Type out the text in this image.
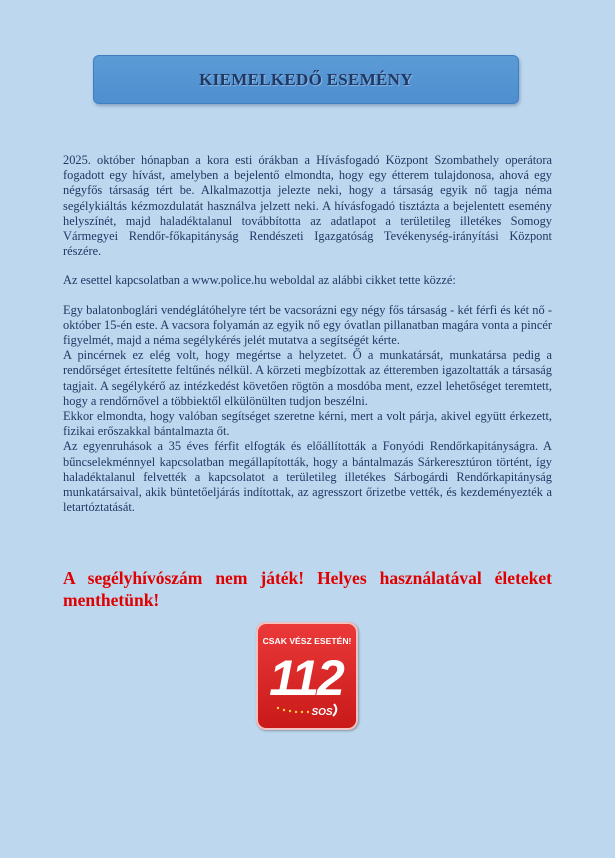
KIEMELKEDŐ ESEMÉNY

2025. október hónapban a kora esti órákban a Hívásfogadó Központ Szombathely operátora fogadott egy hívást, amelyben a bejelentő elmondta, hogy egy étterem tulajdonosa, ahová egy négyfős társaság tért be. Alkalmazottja jelezte neki, hogy a társaság egyik nő tagja néma segélykiáltás kézmozdulatát használva jelzett neki. A hívásfogadó tisztázta a bejelentett esemény helyszínét, majd haladéktalanul továbbította az adatlapot a területileg illetékes Somogy Vármegyei Rendőr-főkapitányság Rendészeti Igazgatóság Tevékenység-irányítási Központ részére.

Az esettel kapcsolatban a www.police.hu weboldal az alábbi cikket tette közzé:

Egy balatonboglári vendéglátóhelyre tért be vacsorázni egy négy fős társaság - két férfi és két nő - október 15-én este. A vacsora folyamán az egyik nő egy óvatlan pillanatban magára vonta a pincér figyelmét, majd a néma segélykérés jelét mutatva a segítségét kérte.

A pincérnek ez elég volt, hogy megértse a helyzetet. Ő a munkatársát, munkatársa pedig a rendőrséget értesítette feltűnés nélkül. A körzeti megbízottak az étteremben igazoltatták a társaság tagjait. A segélykérő az intézkedést követően rögtön a mosdóba ment, ezzel lehetőséget teremtett, hogy a rendőrnővel a többiektől elkülönülten tudjon beszélni.

Ekkor elmondta, hogy valóban segítséget szeretne kérni, mert a volt párja, akivel együtt érkezett, fizikai erőszakkal bántalmazta őt.

Az egyenruhások a 35 éves férfit elfogták és előállították a Fonyódi Rendőrkapitányságra. A bűncselekménnyel kapcsolatban megállapították, hogy a bántalmazás Sárkeresztúron történt, így haladéktalanul felvették a kapcsolatot a területileg illetékes Sárbogárdi Rendőrkapitányság munkatársaival, akik büntetőeljárás indítottak, az agresszort őrizetbe vették, és kezdeményezték a letartóztatását.

A segélyhívószám nem játék! Helyes használatával életeket menthetünk!
CSAK VÉSZ ESETÉN!
112
SOS
